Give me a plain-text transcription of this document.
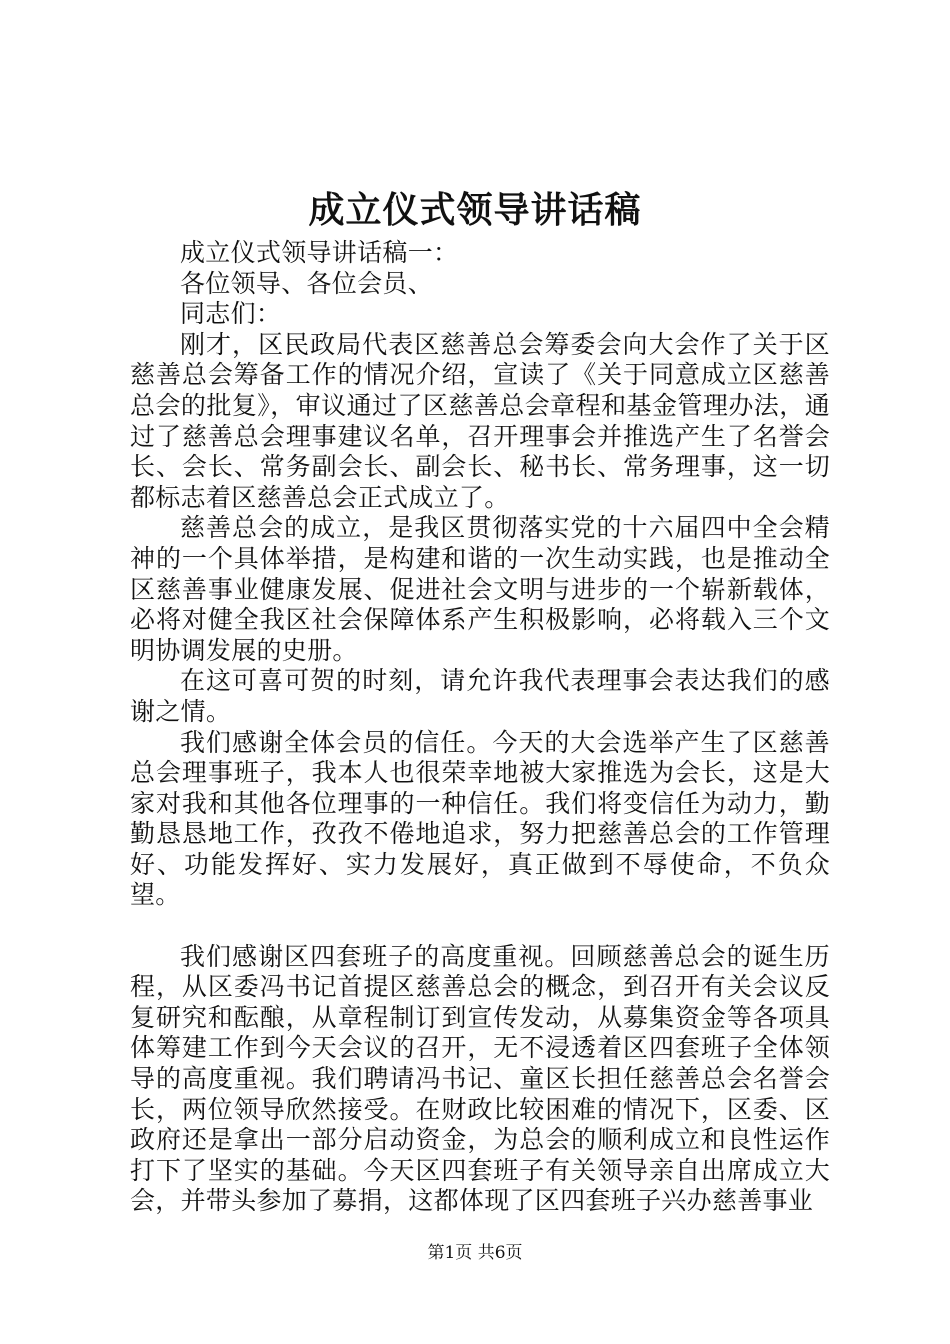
成立仪式领导讲话稿

成立仪式领导讲话稿一：

各位领导、各位会员、

同志们：

刚才，区民政局代表区慈善总会筹委会向大会作了关于区慈善总会筹备工作的情况介绍，宣读了《关于同意成立区慈善总会的批复》，审议通过了区慈善总会章程和基金管理办法，通过了慈善总会理事建议名单，召开理事会并推选产生了名誉会长、会长、常务副会长、副会长、秘书长、常务理事，这一切都标志着区慈善总会正式成立了。

慈善总会的成立，是我区贯彻落实党的十六届四中全会精神的一个具体举措，是构建和谐的一次生动实践，也是推动全区慈善事业健康发展、促进社会文明与进步的一个崭新载体，必将对健全我区社会保障体系产生积极影响，必将载入三个文明协调发展的史册。

在这可喜可贺的时刻，请允许我代表理事会表达我们的感谢之情。

我们感谢全体会员的信任。今天的大会选举产生了区慈善总会理事班子，我本人也很荣幸地被大家推选为会长，这是大家对我和其他各位理事的一种信任。我们将变信任为动力，勤勤恳恳地工作，孜孜不倦地追求，努力把慈善总会的工作管理好、功能发挥好、实力发展好，真正做到不辱使命，不负众望。

我们感谢区四套班子的高度重视。回顾慈善总会的诞生历程，从区委冯书记首提区慈善总会的概念，到召开有关会议反复研究和酝酿，从章程制订到宣传发动，从募集资金等各项具体筹建工作到今天会议的召开，无不浸透着区四套班子全体领导的高度重视。我们聘请冯书记、童区长担任慈善总会名誉会长，两位领导欣然接受。在财政比较困难的情况下，区委、区政府还是拿出一部分启动资金，为总会的顺利成立和良性运作打下了坚实的基础。今天区四套班子有关领导亲自出席成立大会，并带头参加了募捐，这都体现了区四套班子兴办慈善事业

第1页 共6页
